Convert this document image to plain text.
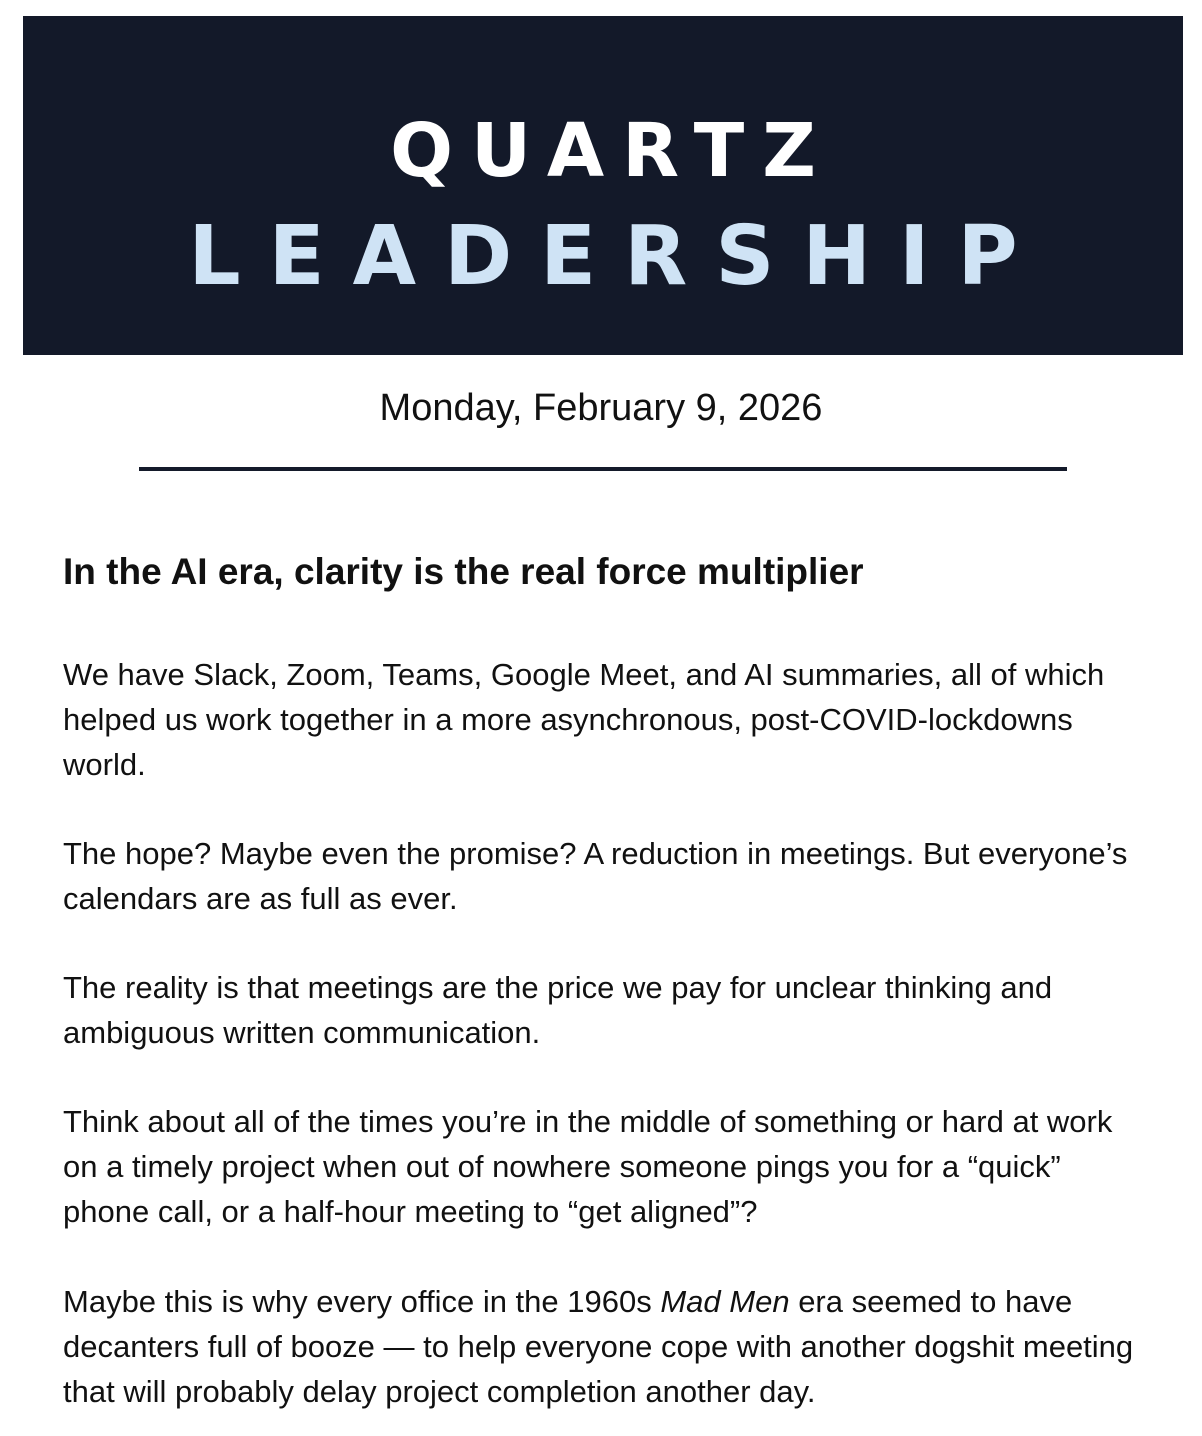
QUARTZ
LEADERSHIP
Monday, February 9, 2026
In the AI era, clarity is the real force multiplier

We have Slack, Zoom, Teams, Google Meet, and AI summaries, all of which helped us work together in a more asynchronous, post-COVID-lockdowns world.

The hope? Maybe even the promise? A reduction in meetings. But everyone’s calendars are as full as ever.

The reality is that meetings are the price we pay for unclear thinking and ambiguous written communication.

Think about all of the times you’re in the middle of something or hard at work on a timely project when out of nowhere someone pings you for a “quick” phone call, or a half-hour meeting to “get aligned”?

Maybe this is why every office in the 1960s Mad Men era seemed to have decanters full of booze — to help everyone cope with another dogshit meeting that will probably delay project completion another day.
